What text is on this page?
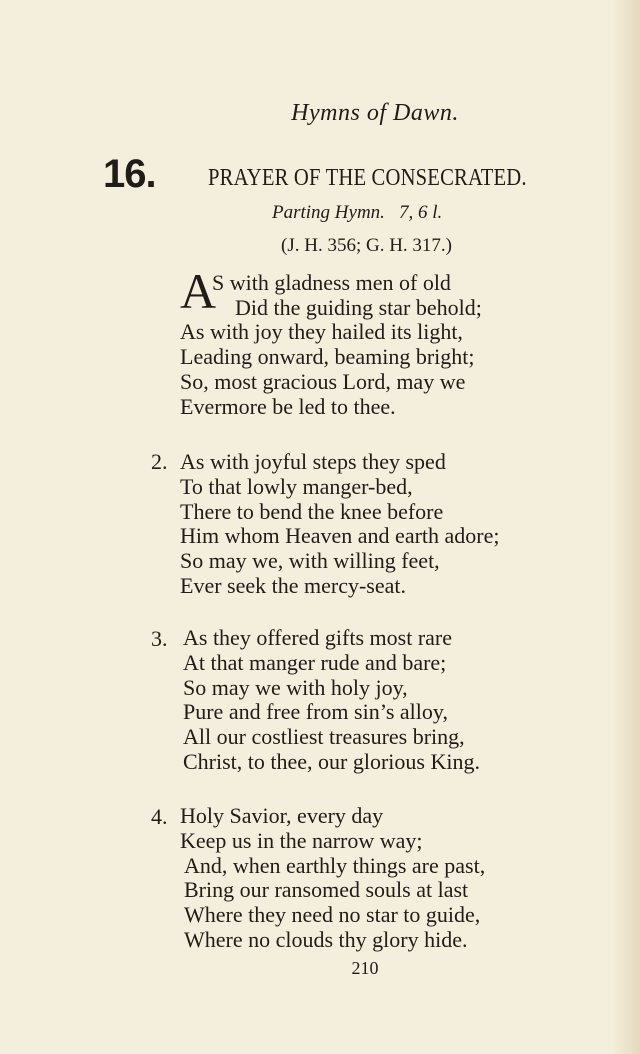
Hymns of Dawn.
16. PRAYER OF THE CONSECRATED.
Parting Hymn. 7, 6 l.
(J. H. 356; G. H. 317.)
A
S with gladness men of old
Did the guiding star behold;
As with joy they hailed its light,
Leading onward, beaming bright;
So, most gracious Lord, may we
Evermore be led to thee.
2. As with joyful steps they sped
To that lowly manger-bed,
There to bend the knee before
Him whom Heaven and earth adore;
So may we, with willing feet,
Ever seek the mercy-seat.
3. As they offered gifts most rare
At that manger rude and bare;
So may we with holy joy,
Pure and free from sin’s alloy,
All our costliest treasures bring,
Christ, to thee, our glorious King.
4. Holy Savior, every day
Keep us in the narrow way;
And, when earthly things are past,
Bring our ransomed souls at last
Where they need no star to guide,
Where no clouds thy glory hide.
210
